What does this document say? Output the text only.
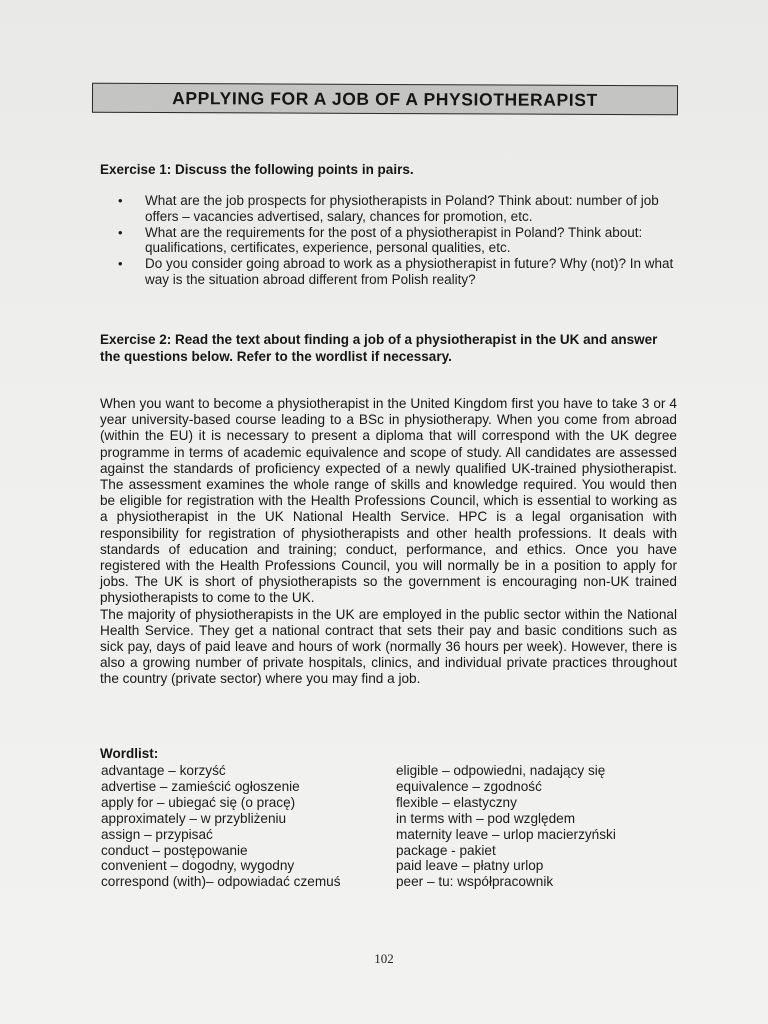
APPLYING FOR A JOB OF A PHYSIOTHERAPIST
Exercise 1: Discuss the following points in pairs.
• What are the job prospects for physiotherapists in Poland? Think about: number of job offers – vacancies advertised, salary, chances for promotion, etc.
• What are the requirements for the post of a physiotherapist in Poland? Think about: qualifications, certificates, experience, personal qualities, etc.
• Do you consider going abroad to work as a physiotherapist in future? Why (not)? In what way is the situation abroad different from Polish reality?
Exercise 2: Read the text about finding a job of a physiotherapist in the UK and answer the questions below. Refer to the wordlist if necessary.

When you want to become a physiotherapist in the United Kingdom first you have to take 3 or 4 year university-based course leading to a BSc in physiotherapy. When you come from abroad (within the EU) it is necessary to present a diploma that will correspond with the UK degree programme in terms of academic equivalence and scope of study. All candidates are assessed against the standards of proficiency expected of a newly qualified UK-trained physiotherapist. The assessment examines the whole range of skills and knowledge required. You would then be eligible for registration with the Health Professions Council, which is essential to working as a physiotherapist in the UK National Health Service. HPC is a legal organisation with responsibility for registration of physiotherapists and other health professions. It deals with standards of education and training; conduct, performance, and ethics. Once you have registered with the Health Professions Council, you will normally be in a position to apply for jobs. The UK is short of physiotherapists so the government is encouraging non-UK trained physiotherapists to come to the UK.

The majority of physiotherapists in the UK are employed in the public sector within the National Health Service. They get a national contract that sets their pay and basic conditions such as sick pay, days of paid leave and hours of work (normally 36 hours per week). However, there is also a growing number of private hospitals, clinics, and individual private practices throughout the country (private sector) where you may find a job.

Wordlist:
advantage – korzyść
advertise – zamieścić ogłoszenie
apply for – ubiegać się (o pracę)
approximately – w przybliżeniu
assign – przypisać
conduct – postępowanie
convenient – dogodny, wygodny
correspond (with)– odpowiadać czemuś
eligible – odpowiedni, nadający się
equivalence – zgodność
flexible – elastyczny
in terms with – pod względem
maternity leave – urlop macierzyński
package - pakiet
paid leave – płatny urlop
peer – tu: współpracownik
102
